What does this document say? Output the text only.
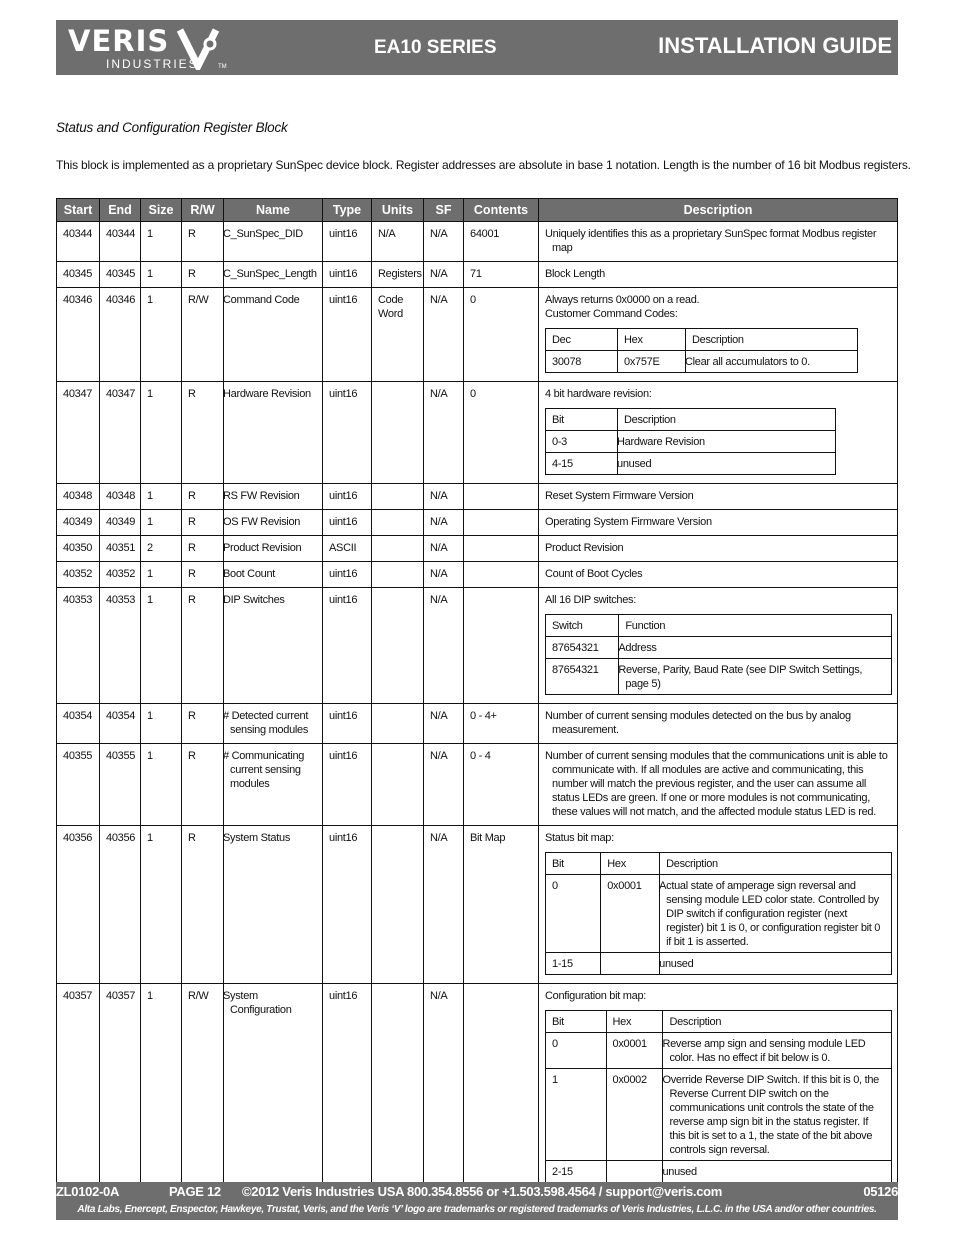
VERIS
INDUSTRIES	TM
EA10 SERIES	INSTALLATION GUIDE
Status and Configuration Register Block
This block is implemented as a proprietary SunSpec device block. Register addresses are absolute in base 1 notation. Length is the number of 16 bit Modbus registers.
Start	End	Size	R/W	Name	Type	Units	SF	Contents	Description
40344	40344	1	R	C_SunSpec_DID	uint16	N/A	N/A	64001	Uniquely identifies this as a proprietary SunSpec format Modbus register map

40345	40345	1	R	C_SunSpec_Length	uint16	Registers	N/A	71	Block Length

40346	40346	1	R/W	Command Code	uint16	Code Word	N/A	0	Always returns 0x0000 on a read.
Customer Command Codes:
Dec	Hex	Description
30078	0x757E	Clear all accumulators to 0.

40347	40347	1	R	Hardware Revision	uint16		N/A	0	4 bit hardware revision:
Bit	Description
0-3	Hardware Revision
4-15	unused

40348	40348	1	R	RS FW Revision	uint16		N/A		Reset System Firmware Version

40349	40349	1	R	OS FW Revision	uint16		N/A		Operating System Firmware Version

40350	40351	2	R	Product Revision	ASCII		N/A		Product Revision

40352	40352	1	R	Boot Count	uint16		N/A		Count of Boot Cycles

40353	40353	1	R	DIP Switches	uint16		N/A		All 16 DIP switches:
Switch	Function
87654321	Address
87654321	Reverse, Parity, Baud Rate (see DIP Switch Settings, page 5)

40354	40354	1	R	# Detected current sensing modules	uint16		N/A	0 - 4+	Number of current sensing modules detected on the bus by analog measurement.

40355	40355	1	R	# Communicating current sensing modules	uint16		N/A	0 - 4	Number of current sensing modules that the communications unit is able to communicate with. If all modules are active and communicating, this number will match the previous register, and the user can assume all status LEDs are green. If one or more modules is not communicating, these values will not match, and the affected module status LED is red.

40356	40356	1	R	System Status	uint16		N/A	Bit Map	Status bit map:
Bit	Hex	Description
0	0x0001	Actual state of amperage sign reversal and sensing module LED color state. Controlled by DIP switch if configuration register (next register) bit 1 is 0, or configuration register bit 0 if bit 1 is asserted.
1-15		unused

40357	40357	1	R/W	System Configuration	uint16		N/A		Configuration bit map:
Bit	Hex	Description
0	0x0001	Reverse amp sign and sensing module LED color. Has no effect if bit below is 0.
1	0x0002	Override Reverse DIP Switch. If this bit is 0, the Reverse Current DIP switch on the communications unit controls the state of the reverse amp sign bit in the status register. If this bit is set to a 1, the state of the bit above controls sign reversal.
2-15		unused
ZL0102-0A	PAGE 12 ©2012 Veris Industries USA 800.354.8556 or +1.503.598.4564 / support@veris.com	05126
Alta Labs, Enercept, Enspector, Hawkeye, Trustat, Veris, and the Veris ‘V’ logo are trademarks or registered trademarks of Veris Industries, L.L.C. in the USA and/or other countries.
